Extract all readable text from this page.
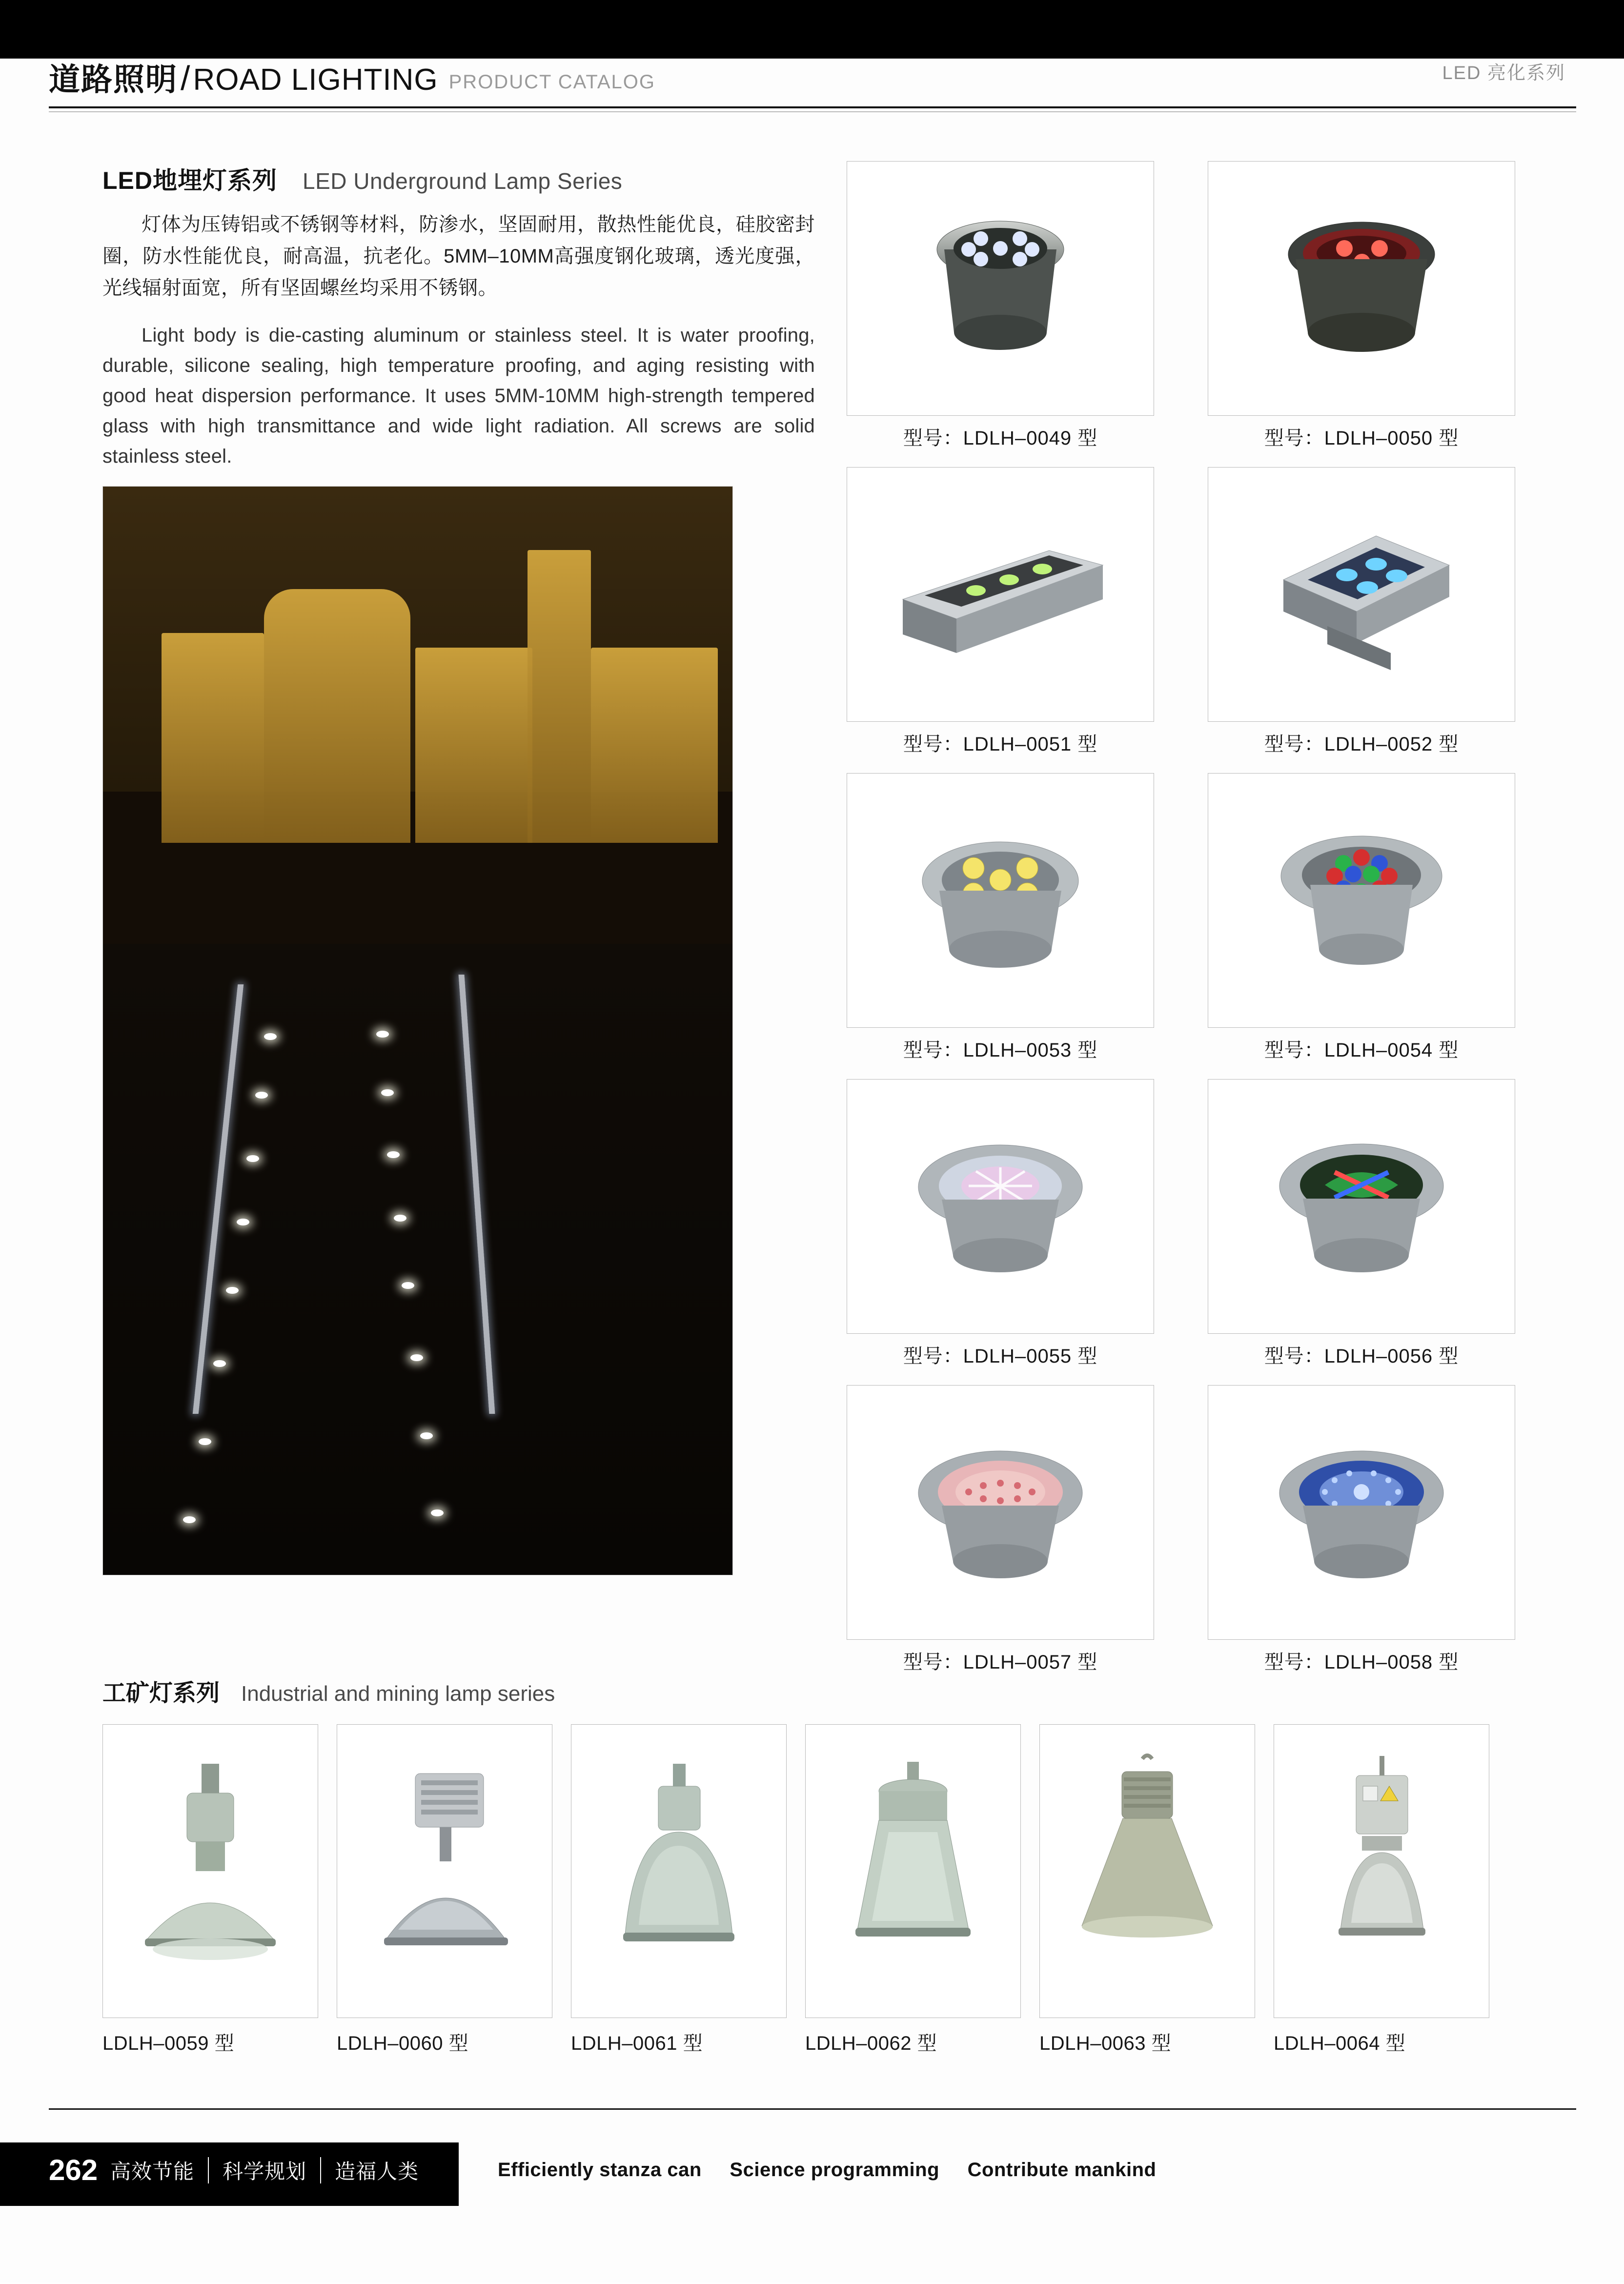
道路照明 / ROAD LIGHTING PRODUCT CATALOG	LED 亮化系列
LED地埋灯系列 LED Underground Lamp Series

灯体为压铸铝或不锈钢等材料，防渗水，坚固耐用，散热性能优良，硅胶密封圈，防水性能优良，耐高温，抗老化。5MM–10MM高强度钢化玻璃，透光度强，光线辐射面宽，所有坚固螺丝均采用不锈钢。

Light body is die-casting aluminum or stainless steel. It is water proofing, durable, silicone sealing, high temperature proofing, and aging resisting with good heat dispersion performance. It uses 5MM-10MM high-strength tempered glass with high transmittance and wide light radiation. All screws are solid stainless steel.

型号：LDLH–0049 型	型号：LDLH–0050 型
型号：LDLH–0051 型	型号：LDLH–0052 型
型号：LDLH–0053 型	型号：LDLH–0054 型
型号：LDLH–0055 型	型号：LDLH–0056 型
型号：LDLH–0057 型	型号：LDLH–0058 型
工矿灯系列 Industrial and mining lamp series
LDLH–0059 型	LDLH–0060 型	LDLH–0061 型	LDLH–0062 型	LDLH–0063 型	LDLH–0064 型
262 高效节能 科学规划 造福人类	Efficiently stanza can Science programming Contribute mankind
